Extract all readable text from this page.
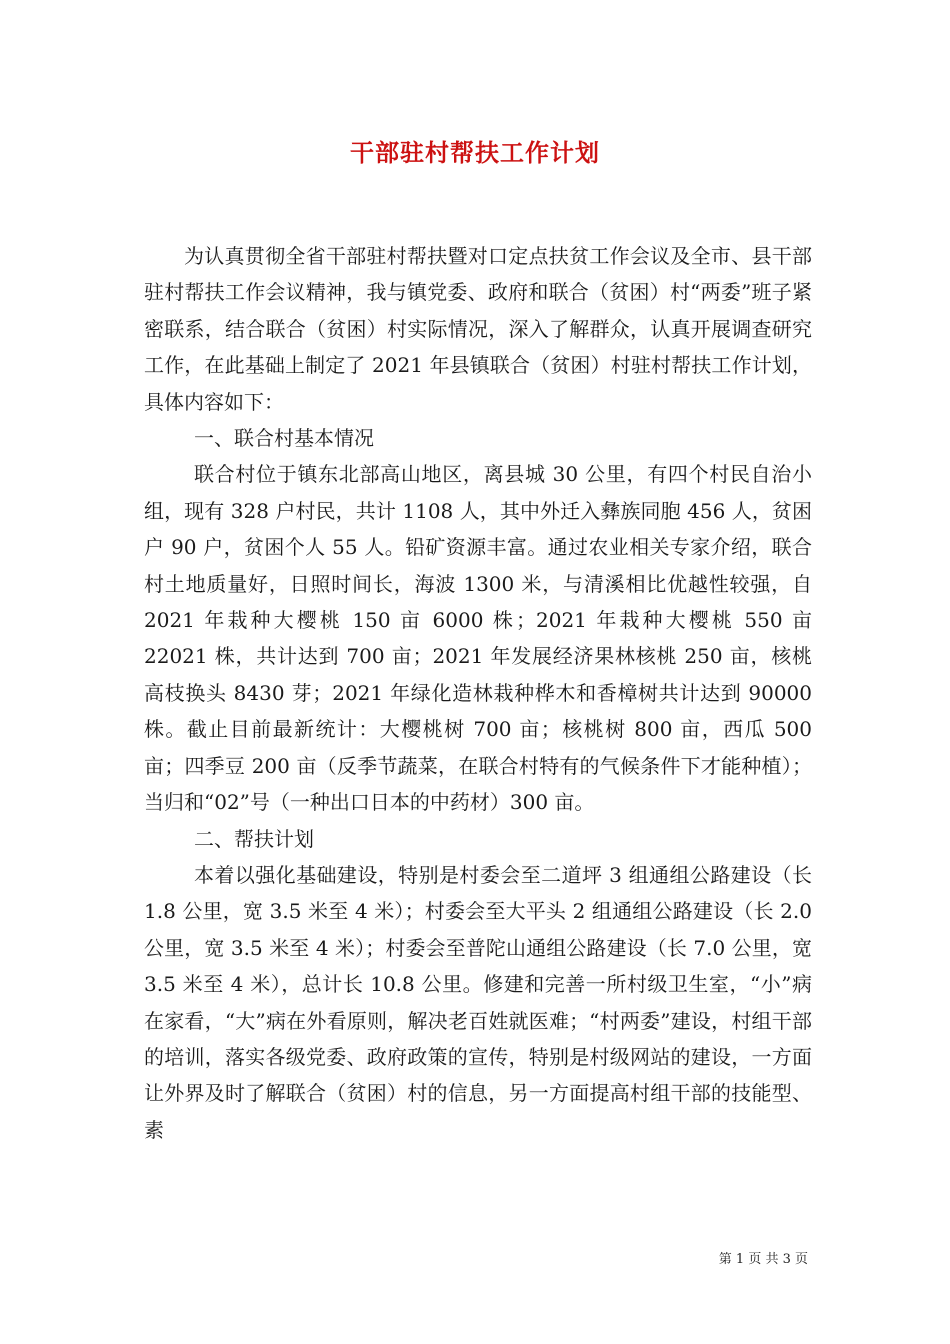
干部驻村帮扶工作计划

为认真贯彻全省干部驻村帮扶暨对口定点扶贫工作会议及全市、县干部驻村帮扶工作会议精神，我与镇党委、政府和联合（贫困）村“两委”班子紧密联系，结合联合（贫困）村实际情况，深入了解群众，认真开展调查研究工作，在此基础上制定了 2021 年县镇联合（贫困）村驻村帮扶工作计划，具体内容如下：

一、联合村基本情况

联合村位于镇东北部高山地区，离县城 30 公里，有四个村民自治小组，现有 328 户村民，共计 1108 人，其中外迁入彝族同胞 456 人，贫困户 90 户，贫困个人 55 人。铅矿资源丰富。通过农业相关专家介绍，联合村土地质量好，日照时间长，海波 1300 米，与清溪相比优越性较强，自 2021 年栽种大樱桃 150 亩 6000 株；2021 年栽种大樱桃 550 亩 22021 株，共计达到 700 亩；2021 年发展经济果林核桃 250 亩，核桃高枝换头 8430 芽；2021 年绿化造林栽种桦木和香樟树共计达到 90000 株。截止目前最新统计：大樱桃树 700 亩；核桃树 800 亩，西瓜 500 亩；四季豆 200 亩（反季节蔬菜，在联合村特有的气候条件下才能种植）；当归和“02”号（一种出口日本的中药材）300 亩。

二、帮扶计划

本着以强化基础建设，特别是村委会至二道坪 3 组通组公路建设（长 1.8 公里，宽 3.5 米至 4 米）；村委会至大平头 2 组通组公路建设（长 2.0 公里，宽 3.5 米至 4 米）；村委会至普陀山通组公路建设（长 7.0 公里，宽 3.5 米至 4 米），总计长 10.8 公里。修建和完善一所村级卫生室，“小”病在家看，“大”病在外看原则，解决老百姓就医难；“村两委”建设，村组干部的培训，落实各级党委、政府政策的宣传，特别是村级网站的建设，一方面让外界及时了解联合（贫困）村的信息，另一方面提高村组干部的技能型、素

第 1 页 共 3 页
